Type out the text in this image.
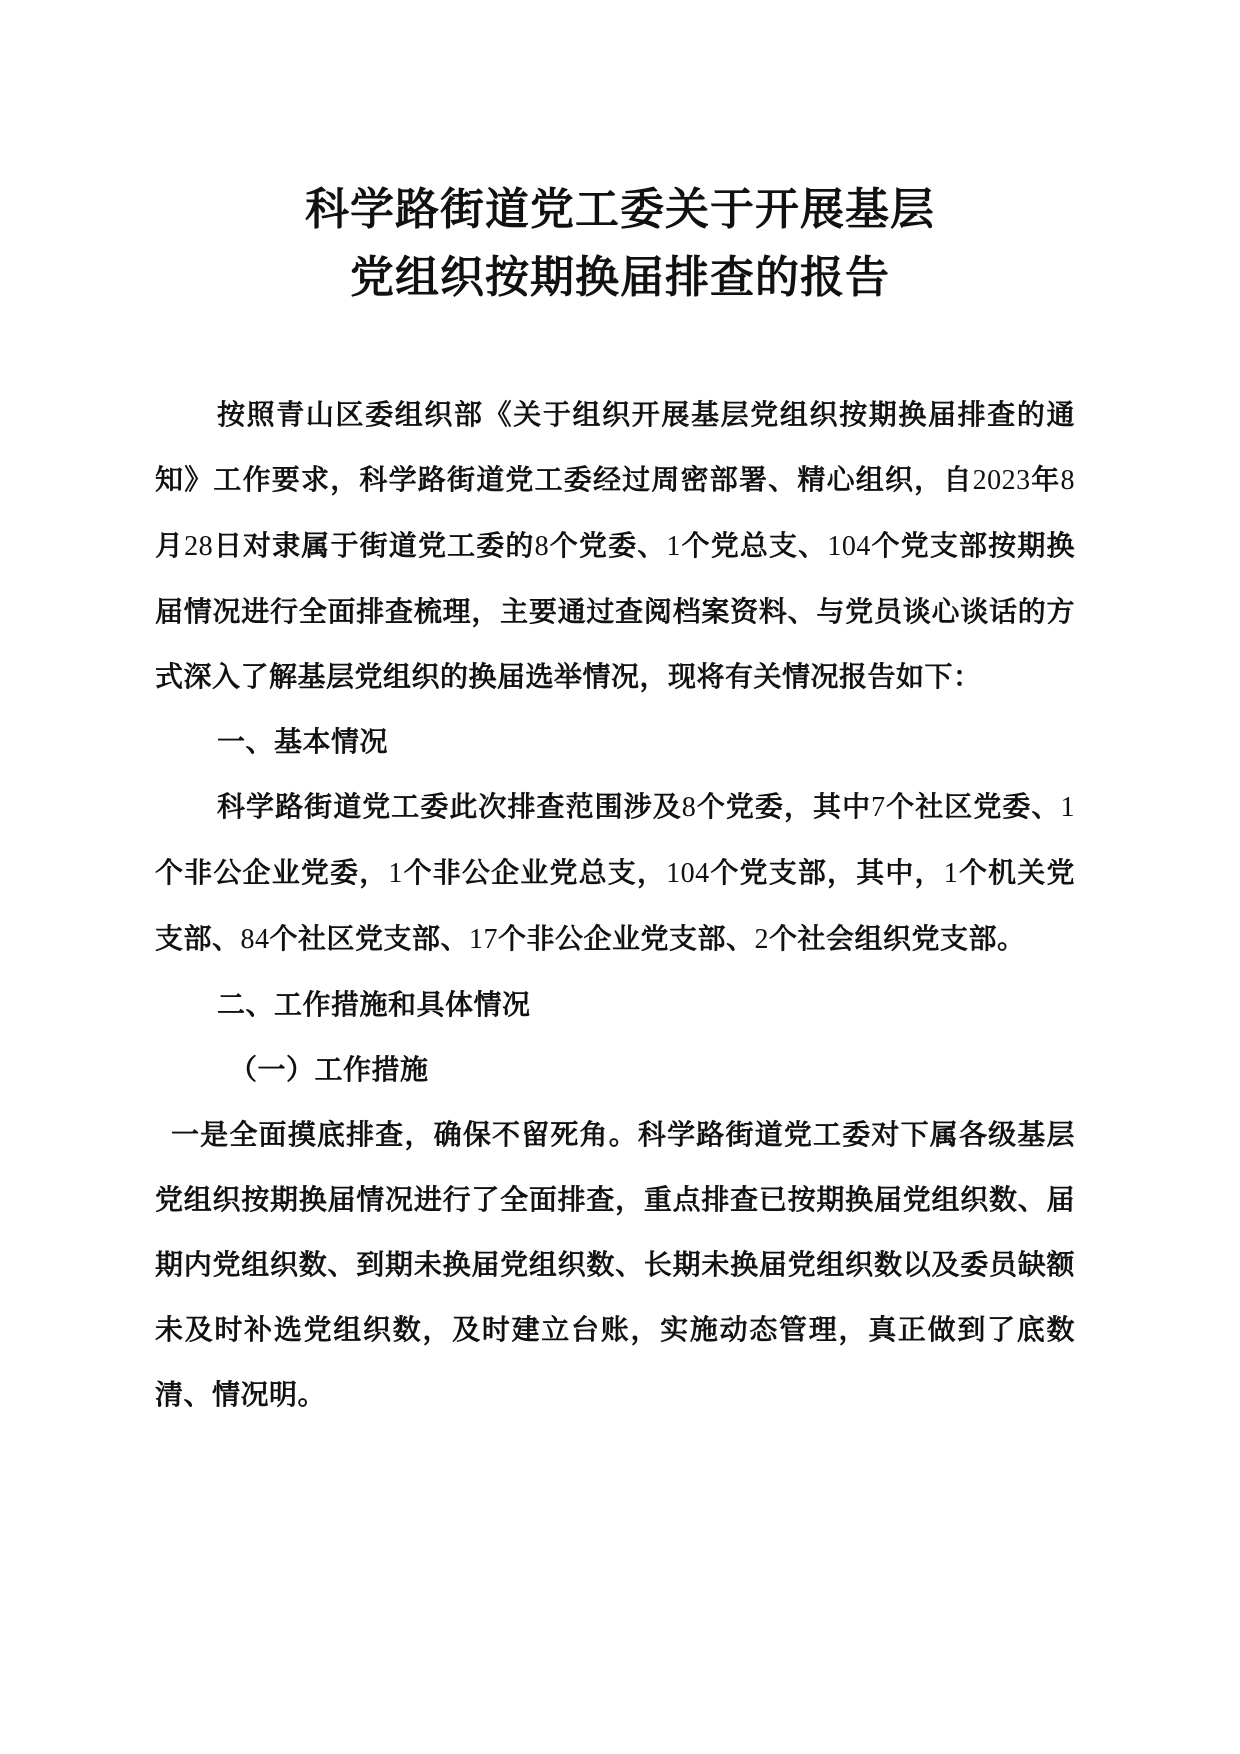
科学路街道党工委关于开展基层
党组织按期换届排查的报告

按照青山区委组织部《关于组织开展基层党组织按期换届排查的通知》工作要求，科学路街道党工委经过周密部署、精心组织，自2023年8月28日对隶属于街道党工委的8个党委、1个党总支、104个党支部按期换届情况进行全面排查梳理，主要通过查阅档案资料、与党员谈心谈话的方式深入了解基层党组织的换届选举情况，现将有关情况报告如下：

一、基本情况

科学路街道党工委此次排查范围涉及8个党委，其中7个社区党委、1个非公企业党委，1个非公企业党总支，104个党支部，其中，1个机关党支部、84个社区党支部、17个非公企业党支部、2个社会组织党支部。

二、工作措施和具体情况

（一）工作措施

一是全面摸底排查，确保不留死角。科学路街道党工委对下属各级基层党组织按期换届情况进行了全面排查，重点排查已按期换届党组织数、届期内党组织数、到期未换届党组织数、长期未换届党组织数以及委员缺额未及时补选党组织数，及时建立台账，实施动态管理，真正做到了底数清、情况明。
